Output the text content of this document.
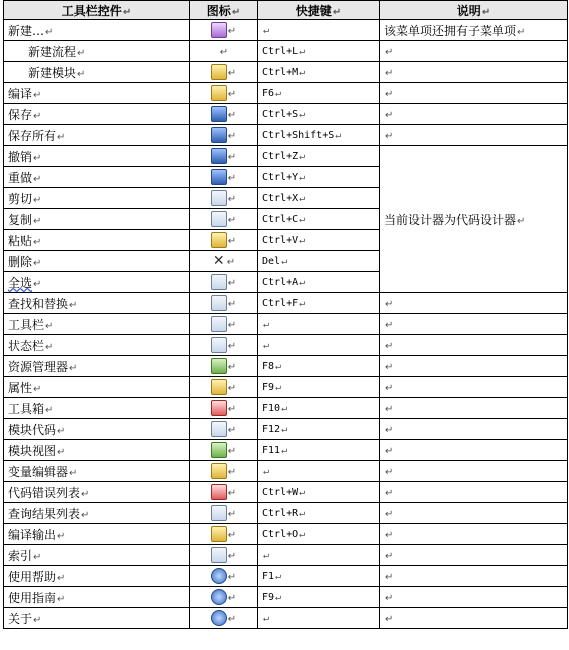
工具栏控件↵	图标↵	快捷键↵	说明↵
新建…↵	↵	↵	该菜单项还拥有子菜单项↵
新建流程↵	↵	Ctrl+L↵	↵
新建模块↵	↵	Ctrl+M↵	↵
编译↵	↵	F6↵	↵
保存↵	↵	Ctrl+S↵	↵
保存所有↵	↵	Ctrl+Shift+S↵	↵
撤销↵	↵	Ctrl+Z↵	当前设计器为代码设计器↵
重做↵	↵	Ctrl+Y↵	
剪切↵	↵	Ctrl+X↵	
复制↵	↵	Ctrl+C↵	
粘贴↵	↵	Ctrl+V↵	
删除↵	✕ ↵	Del↵	
全选↵	↵	Ctrl+A↵	
查找和替换↵	↵	Ctrl+F↵	↵
工具栏↵	↵	↵	↵
状态栏↵	↵	↵	↵
资源管理器↵	↵	F8↵	↵
属性↵	↵	F9↵	↵
工具箱↵	↵	F10↵	↵
模块代码↵	↵	F12↵	↵
模块视图↵	↵	F11↵	↵
变量编辑器↵	↵	↵	↵
代码错误列表↵	↵	Ctrl+W↵	↵
查询结果列表↵	↵	Ctrl+R↵	↵
编译输出↵	↵	Ctrl+O↵	↵
索引↵	↵	↵	↵
使用帮助↵	↵	F1↵	↵
使用指南↵	↵	F9↵	↵
关于↵	↵	↵	↵
